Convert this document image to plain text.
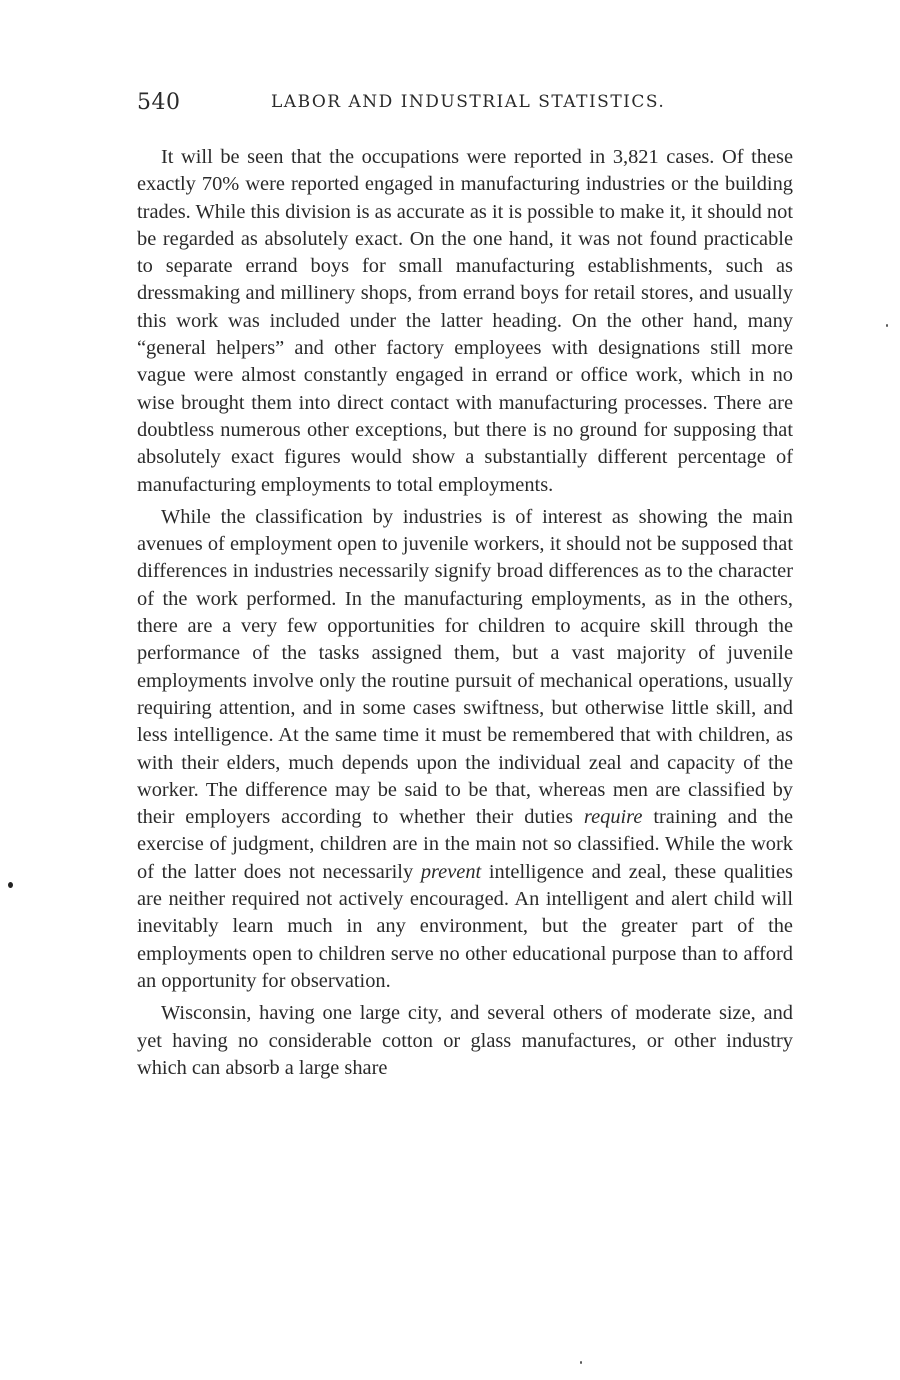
540	LABOR AND INDUSTRIAL STATISTICS.

It will be seen that the occupations were reported in 3,821 cases. Of these exactly 70% were reported engaged in manufacturing industries or the building trades. While this division is as accurate as it is possible to make it, it should not be regarded as absolutely exact. On the one hand, it was not found practicable to separate errand boys for small manufacturing establishments, such as dressmaking and millinery shops, from errand boys for retail stores, and usually this work was included under the latter heading. On the other hand, many “general helpers” and other factory employees with designations still more vague were almost constantly engaged in errand or office work, which in no wise brought them into direct contact with manufacturing processes. There are doubtless numerous other exceptions, but there is no ground for supposing that absolutely exact figures would show a substantially different percentage of manufacturing employments to total employments.

While the classification by industries is of interest as showing the main avenues of employment open to juvenile workers, it should not be supposed that differences in industries necessarily signify broad differences as to the character of the work performed. In the manufacturing employments, as in the others, there are a very few opportunities for children to acquire skill through the performance of the tasks assigned them, but a vast majority of juvenile employments involve only the routine pursuit of mechanical operations, usually requiring attention, and in some cases swiftness, but otherwise little skill, and less intelligence. At the same time it must be remembered that with children, as with their elders, much depends upon the individual zeal and capacity of the worker. The difference may be said to be that, whereas men are classified by their employers according to whether their duties require training and the exercise of judgment, children are in the main not so classified. While the work of the latter does not necessarily prevent intelligence and zeal, these qualities are neither required not actively encouraged. An intelligent and alert child will inevitably learn much in any environment, but the greater part of the employments open to children serve no other educational purpose than to afford an opportunity for observation.

Wisconsin, having one large city, and several others of moderate size, and yet having no considerable cotton or glass manufactures, or other industry which can absorb a large share
